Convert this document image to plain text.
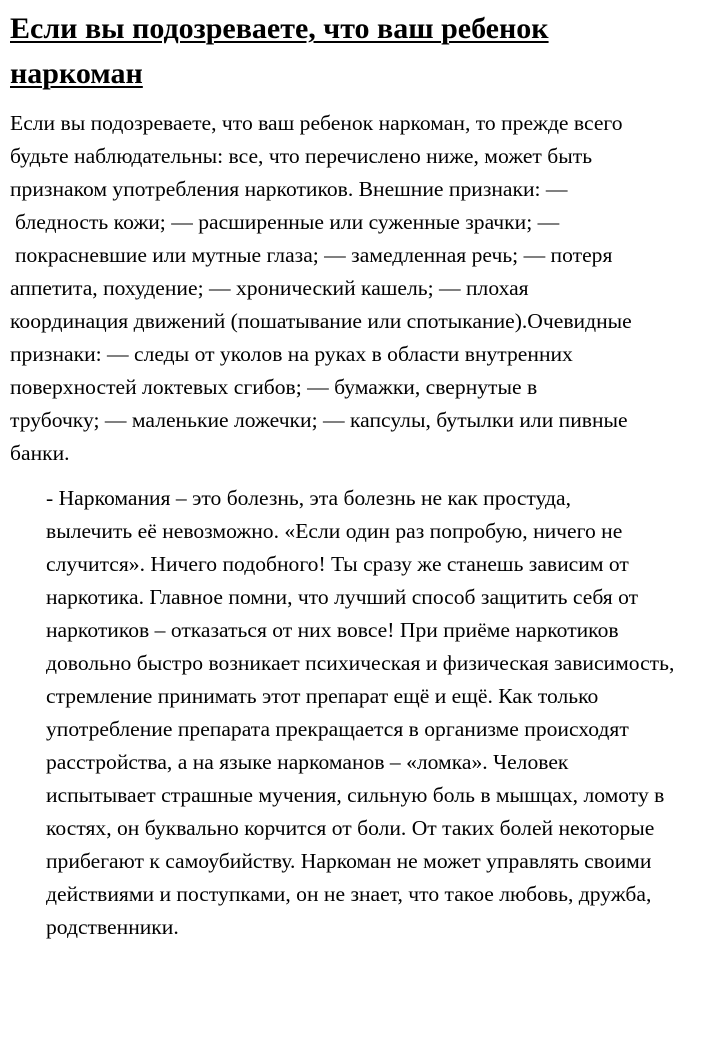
Если вы подозреваете, что ваш ребенок
наркоман

Если вы подозреваете, что ваш ребенок наркоман, то прежде всего
будьте наблюдательны: все, что перечислено ниже, может быть
признаком употребления наркотиков. Внешние признаки: —
бледность кожи; — расширенные или суженные зрачки; —
покрасневшие или мутные глаза; — замедленная речь; — потеря
аппетита, похудение; — хронический кашель; — плохая
координация движений (пошатывание или спотыкание).Очевидные
признаки: — следы от уколов на руках в области внутренних
поверхностей локтевых сгибов; — бумажки, свернутые в
трубочку; — маленькие ложечки; — капсулы, бутылки или пивные
банки.

- Наркомания – это болезнь, эта болезнь не как простуда,
вылечить её невозможно. «Если один раз попробую, ничего не
случится». Ничего подобного! Ты сразу же станешь зависим от
наркотика. Главное помни, что лучший способ защитить себя от
наркотиков – отказаться от них вовсе! При приёме наркотиков
довольно быстро возникает психическая и физическая зависимость,
стремление принимать этот препарат ещё и ещё. Как только
употребление препарата прекращается в организме происходят
расстройства, а на языке наркоманов – «ломка». Человек
испытывает страшные мучения, сильную боль в мышцах, ломоту в
костях, он буквально корчится от боли. От таких болей некоторые
прибегают к самоубийству. Наркоман не может управлять своими
действиями и поступками, он не знает, что такое любовь, дружба,
родственники.
